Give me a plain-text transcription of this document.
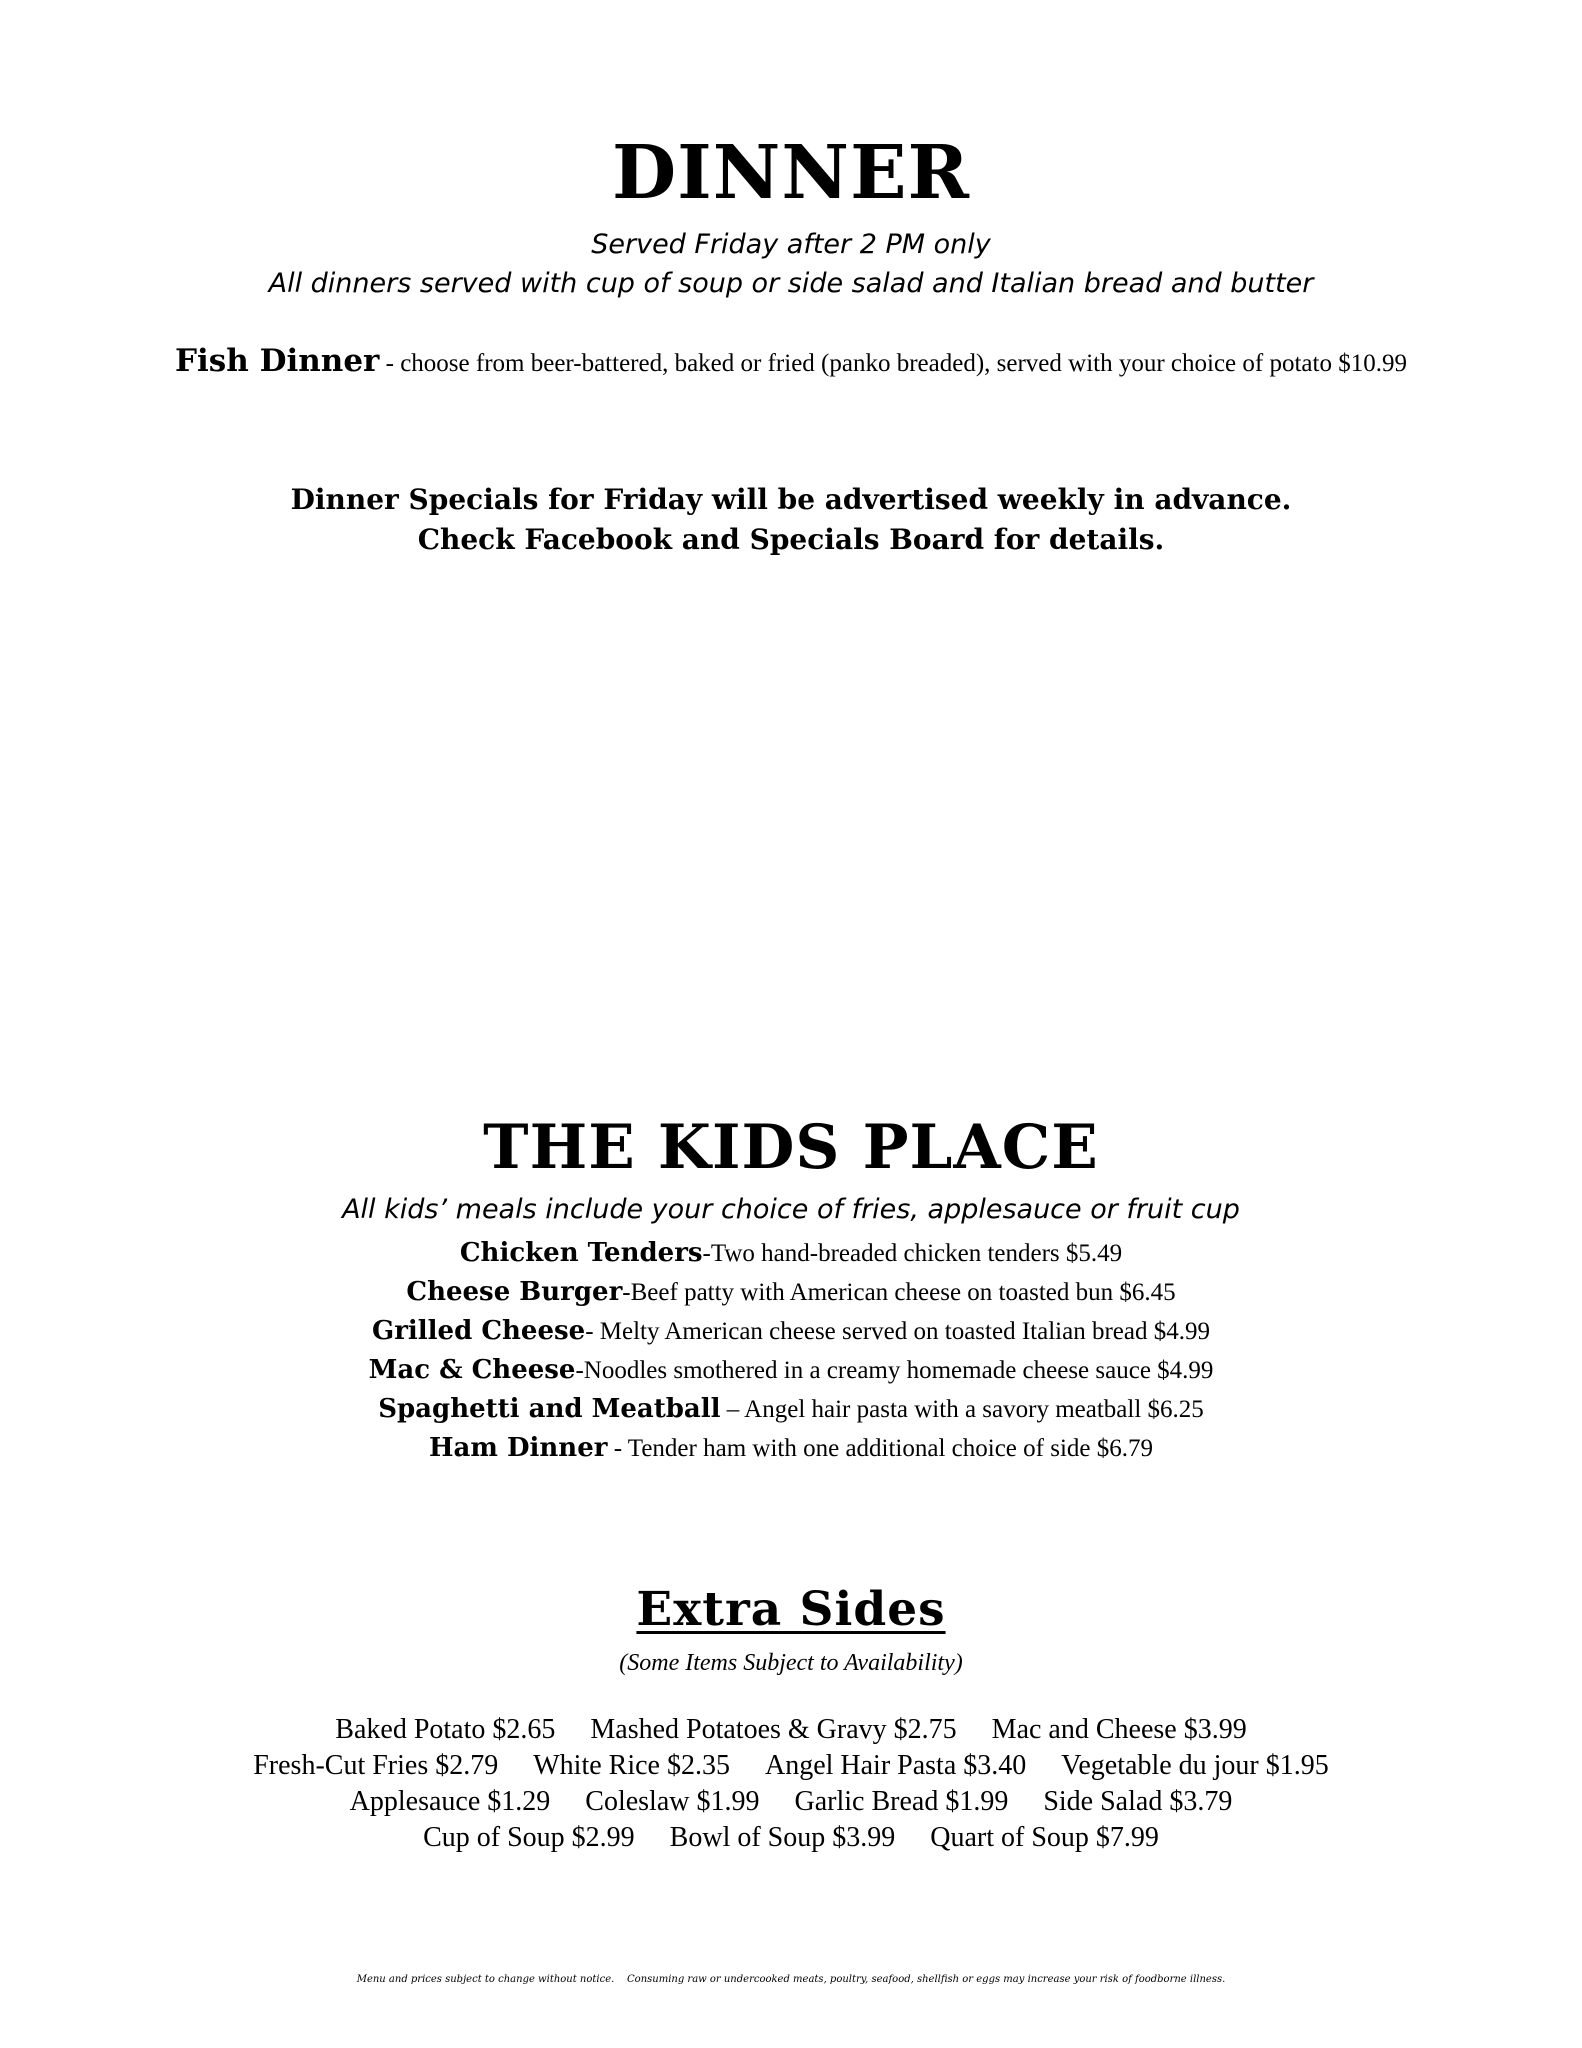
DINNER
Served Friday after 2 PM only
All dinners served with cup of soup or side salad and Italian bread and butter
Fish Dinner - choose from beer-battered, baked or fried (panko breaded), served with your choice of potato $10.99
Dinner Specials for Friday will be advertised weekly in advance.
Check Facebook and Specials Board for details.
THE KIDS PLACE
All kids’ meals include your choice of fries, applesauce or fruit cup
Chicken Tenders-Two hand-breaded chicken tenders $5.49
Cheese Burger-Beef patty with American cheese on toasted bun $6.45
Grilled Cheese- Melty American cheese served on toasted Italian bread $4.99
Mac & Cheese-Noodles smothered in a creamy homemade cheese sauce $4.99
Spaghetti and Meatball – Angel hair pasta with a savory meatball $6.25
Ham Dinner - Tender ham with one additional choice of side $6.79
Extra Sides
(Some Items Subject to Availability)
Baked Potato $2.65 Mashed Potatoes & Gravy $2.75 Mac and Cheese $3.99
Fresh-Cut Fries $2.79 White Rice $2.35 Angel Hair Pasta $3.40 Vegetable du jour $1.95
Applesauce $1.29 Coleslaw $1.99 Garlic Bread $1.99 Side Salad $3.79
Cup of Soup $2.99 Bowl of Soup $3.99 Quart of Soup $7.99
Menu and prices subject to change without notice.    Consuming raw or undercooked meats, poultry, seafood, shellfish or eggs may increase your risk of foodborne illness.
